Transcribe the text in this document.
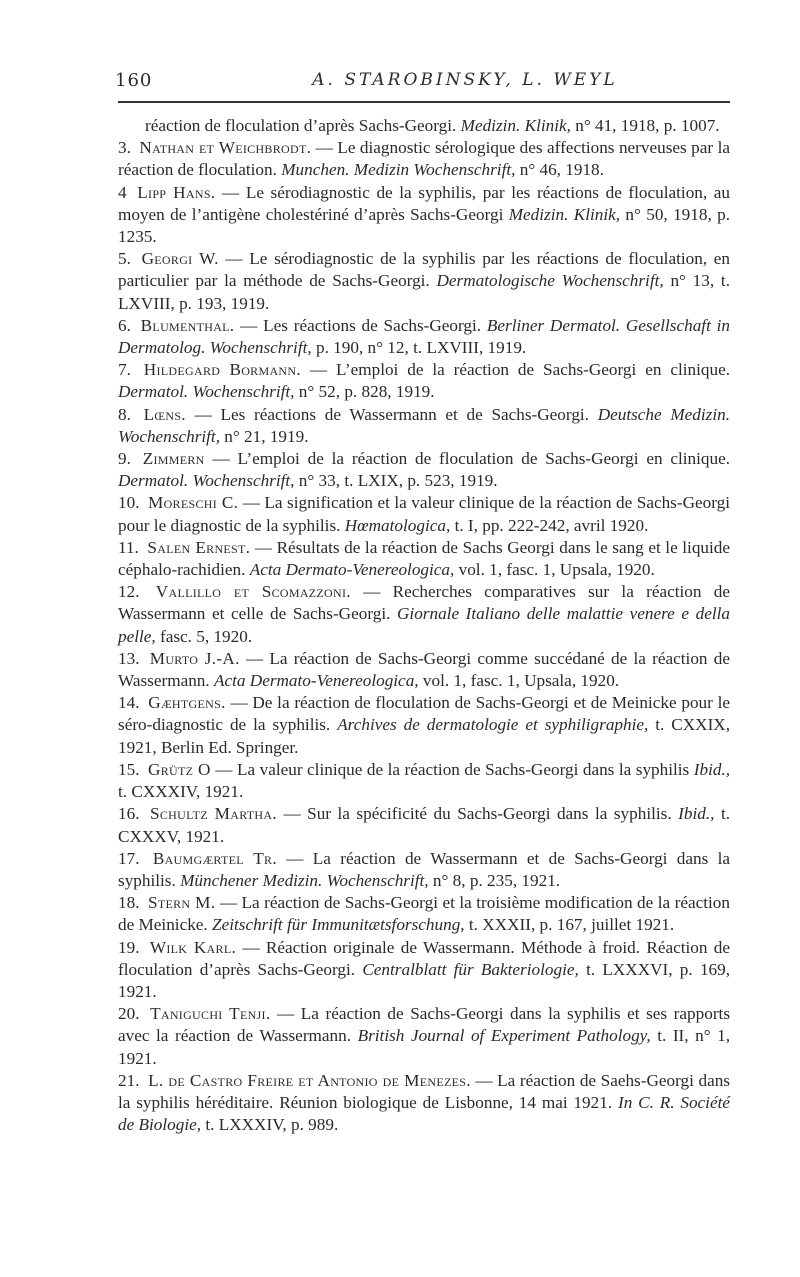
160	A. STAROBINSKY, L. WEYL
réaction de floculation d’après Sachs-Georgi. Medizin. Klinik, n° 41, 1918, p. 1007.
3. Nathan et Weichbrodt. — Le diagnostic sérologique des affections nerveuses par la réaction de floculation. Munchen. Medizin Wochenschrift, n° 46, 1918.
4 Lipp Hans. — Le sérodiagnostic de la syphilis, par les réactions de floculation, au moyen de l’antigène cholestériné d’après Sachs-Georgi Medizin. Klinik, n° 50, 1918, p. 1235.
5. Georgi W. — Le sérodiagnostic de la syphilis par les réactions de floculation, en particulier par la méthode de Sachs-Georgi. Dermatologische Wochenschrift, n° 13, t. LXVIII, p. 193, 1919.
6. Blumenthal. — Les réactions de Sachs-Georgi. Berliner Dermatol. Gesellschaft in Dermatolog. Wochenschrift, p. 190, n° 12, t. LXVIII, 1919.
7. Hildegard Bormann. — L’emploi de la réaction de Sachs-Georgi en clinique. Dermatol. Wochenschrift, n° 52, p. 828, 1919.
8. Lœns. — Les réactions de Wassermann et de Sachs-Georgi. Deutsche Medizin. Wochenschrift, n° 21, 1919.
9. Zimmern — L’emploi de la réaction de floculation de Sachs-Georgi en clinique. Dermatol. Wochenschrift, n° 33, t. LXIX, p. 523, 1919.
10. Moreschi C. — La signification et la valeur clinique de la réaction de Sachs-Georgi pour le diagnostic de la syphilis. Hœmatologica, t. I, pp. 222-242, avril 1920.
11. Salen Ernest. — Résultats de la réaction de Sachs Georgi dans le sang et le liquide céphalo-rachidien. Acta Dermato-Venereologica, vol. 1, fasc. 1, Upsala, 1920.
12. Vallillo et Scomazzoni. — Recherches comparatives sur la réaction de Wassermann et celle de Sachs-Georgi. Giornale Italiano delle malattie venere e della pelle, fasc. 5, 1920.
13. Murto J.-A. — La réaction de Sachs-Georgi comme succédané de la réaction de Wassermann. Acta Dermato-Venereologica, vol. 1, fasc. 1, Upsala, 1920.
14. Gæhtgens. — De la réaction de floculation de Sachs-Georgi et de Meinicke pour le séro-diagnostic de la syphilis. Archives de dermatologie et syphiligraphie, t. CXXIX, 1921, Berlin Ed. Springer.
15. Grütz O — La valeur clinique de la réaction de Sachs-Georgi dans la syphilis Ibid., t. CXXXIV, 1921.
16. Schultz Martha. — Sur la spécificité du Sachs-Georgi dans la syphilis. Ibid., t. CXXXV, 1921.
17. Baumgærtel Tr. — La réaction de Wassermann et de Sachs-Georgi dans la syphilis. Münchener Medizin. Wochenschrift, n° 8, p. 235, 1921.
18. Stern M. — La réaction de Sachs-Georgi et la troisième modification de la réaction de Meinicke. Zeitschrift für Immunitætsforschung, t. XXXII, p. 167, juillet 1921.
19. Wilk Karl. — Réaction originale de Wassermann. Méthode à froid. Réaction de floculation d’après Sachs-Georgi. Centralblatt für Bakteriologie, t. LXXXVI, p. 169, 1921.
20. Taniguchi Tenji. — La réaction de Sachs-Georgi dans la syphilis et ses rapports avec la réaction de Wassermann. British Journal of Experiment Pathology, t. II, n° 1, 1921.
21. L. de Castro Freire et Antonio de Menezes. — La réaction de Saehs-Georgi dans la syphilis héréditaire. Réunion biologique de Lisbonne, 14 mai 1921. In C. R. Société de Biologie, t. LXXXIV, p. 989.
